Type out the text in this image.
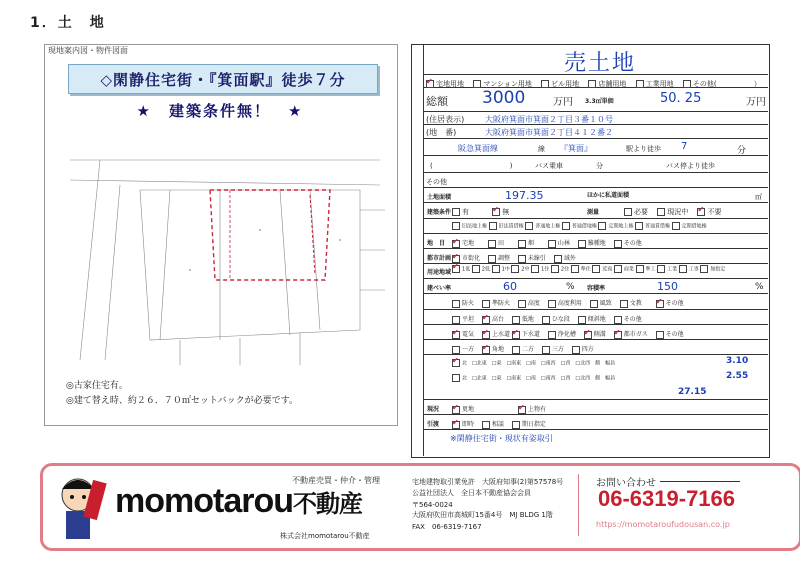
1．土　地
現地案内図・物件図面
◇閑静住宅街・『箕面駅』徒歩７分
★　建築条件無！　★
◎古家住宅有。
◎建て替え時、約２６．７０㎡セットバックが必要です。
売土地
✔宅地用地　	マンション用地　	ビル用地　	店舗用地　	工業用地　	その他(　　　　　	）
総額 3000	万円 3.3㎡単価	50. 25	万円
(住居表示)	大阪府箕面市箕面２丁目３番１０号
(地　番)	大阪府箕面市箕面２丁目４１２番２
阪急箕面線	線 『箕面』	駅より徒歩 7	分
(　　　　　　　　　　　)	バス乗車	分	バス停より徒歩
その他
土地面積	197.35	ほかに私道面積	㎡
建築条件	有　　　 ✔	無	測量	必要　	現況中　 ✔	不要
旧法地上権 旧法賃借権 普通地上権 普通借地権 定期地上権 普通賃借権 定期借地権
地　目 ✔	宅地　　	田　　	畑　　	山林　	雑種地　	その他
都市計画 ✔	市街化　	調整　	未線引　	域外
用途地域 ✔	1低 2低 1中 2中 1住 2住 準住 近商 商業 準工 工業 工専 無指定
建ぺい率	60	% 容積率	150	%
防火　	準防火　	高度　	高度利用　	風致　	文教　　 ✔	その他
平坦　 ✔	高台　	低地　	ひな段　	傾斜地　	その他
✔電気　 ✔	上水道 ✔ 下水道　	浄化槽　 ✔	側溝　 ✔	都市ガス　	その他
一方　 ✔	角地　	二方　	三方　	四方
✔北　□北東　□東　□南東　□南　□南西　□西　□北西　側　幅員	3.10
北　□北東　□東　□南東　□南　□南西　□西　□北西　側　幅員	2.55
27.15
現況 ✔	更地　　　　　　　 ✔	上物有
✔即時　	相談　	期日指定
引渡
※閑静住宅街・現状有姿取引
不動産売買・仲介・管理
momotarou不動産
株式会社momotarou不動産
宅地建物取引業免許　大阪府知事(2)第57578号
公益社団法人　全日本不動産協会会員
〒564-0024
大阪府吹田市高城町15番4号　MJ BLDG 1階
FAX　06-6319-7167
お問い合わせ
06-6319-7166
https://momotaroufudousan.co.jp
